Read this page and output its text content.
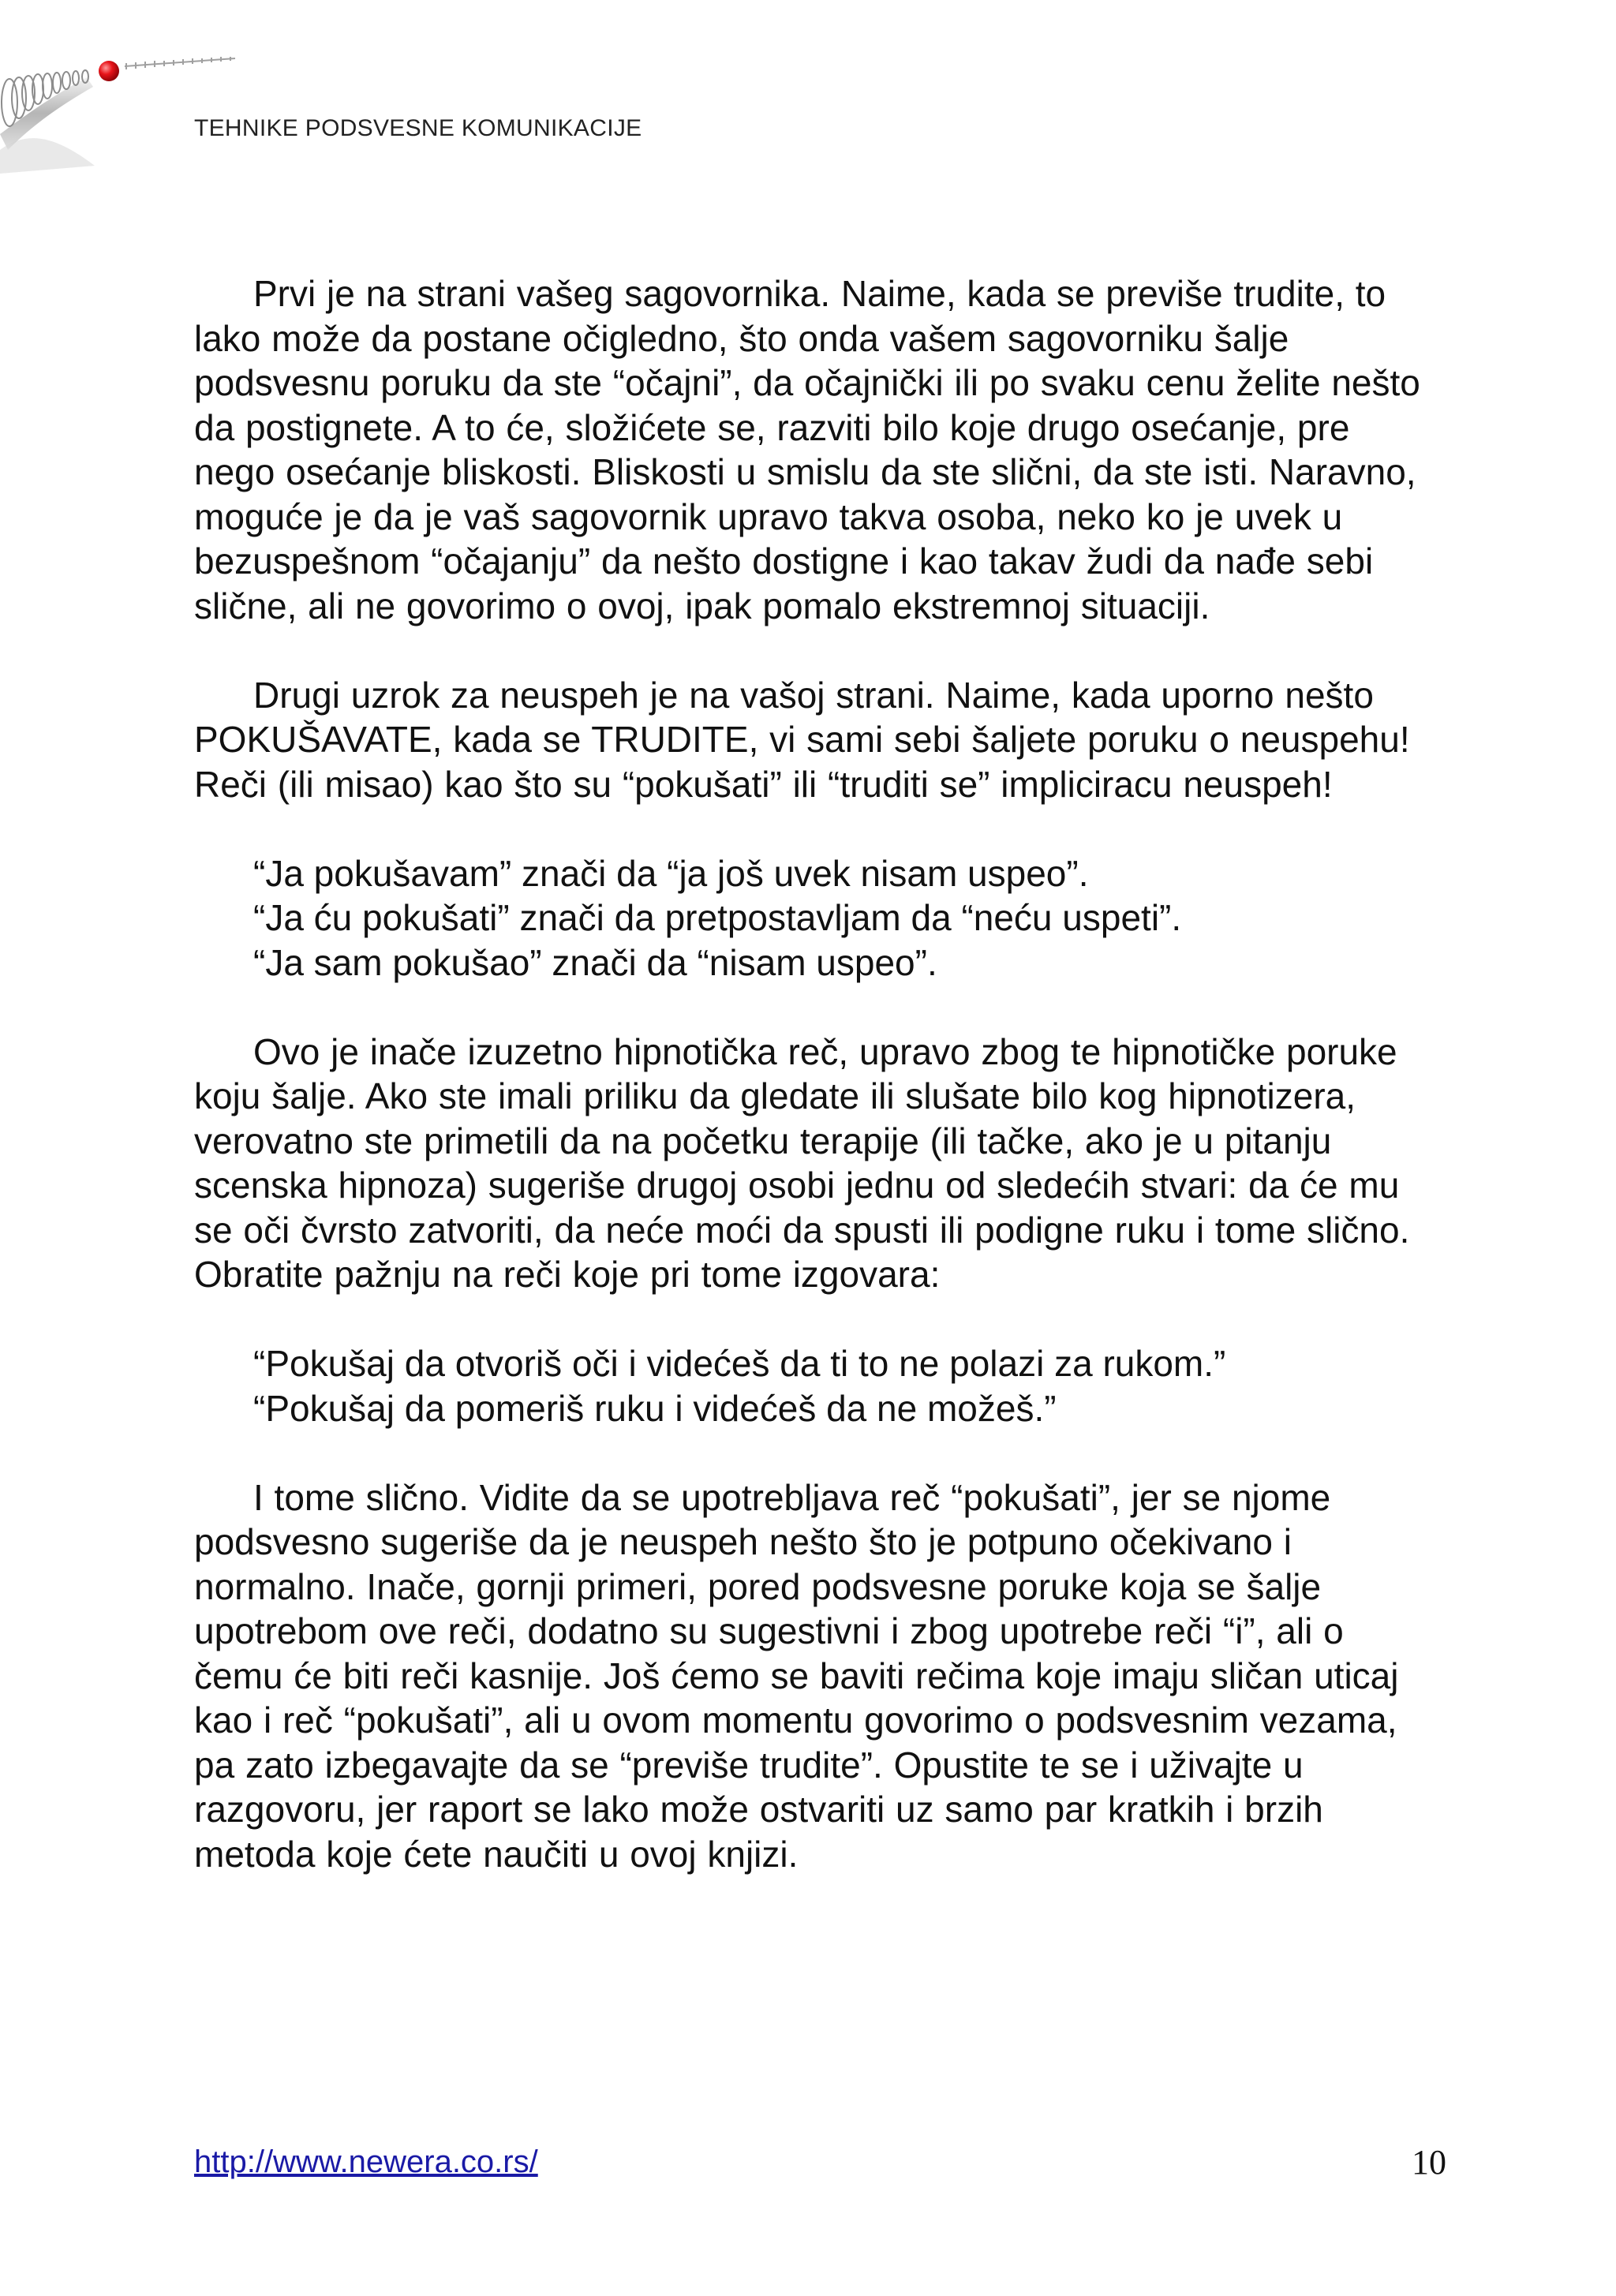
TEHNIKE PODSVESNE KOMUNIKACIJE

Prvi je na strani vašeg sagovornika. Naime, kada se previše trudite, to lako može da postane očigledno, što onda vašem sagovorniku šalje podsvesnu poruku da ste “očajni”, da očajnički ili po svaku cenu želite nešto da postignete. A to će, složićete se, razviti bilo koje drugo osećanje, pre nego osećanje bliskosti. Bliskosti u smislu da ste slični, da ste isti. Naravno, moguće je da je vaš sagovornik upravo takva osoba, neko ko je uvek u bezuspešnom “očajanju” da nešto dostigne i kao takav žudi da nađe sebi slične, ali ne govorimo o ovoj, ipak pomalo ekstremnoj situaciji.

Drugi uzrok za neuspeh je na vašoj strani. Naime, kada uporno nešto POKUŠAVATE, kada se TRUDITE, vi sami sebi šaljete poruku o neuspehu! Reči (ili misao) kao što su “pokušati” ili “truditi se” impliciracu neuspeh!

“Ja pokušavam” znači da “ja još uvek nisam uspeo”.
“Ja ću pokušati” znači da pretpostavljam da “neću uspeti”.
“Ja sam pokušao” znači da “nisam uspeo”.

Ovo je inače izuzetno hipnotička reč, upravo zbog te hipnotičke poruke koju šalje. Ako ste imali priliku da gledate ili slušate bilo kog hipnotizera, verovatno ste primetili da na početku terapije (ili tačke, ako je u pitanju scenska hipnoza) sugeriše drugoj osobi jednu od sledećih stvari: da će mu se oči čvrsto zatvoriti, da neće moći da spusti ili podigne ruku i tome slično. Obratite pažnju na reči koje pri tome izgovara:

“Pokušaj da otvoriš oči i videćeš da ti to ne polazi za rukom.”
“Pokušaj da pomeriš ruku i videćeš da ne možeš.”

I tome slično. Vidite da se upotrebljava reč “pokušati”, jer se njome podsvesno sugeriše da je neuspeh nešto što je potpuno očekivano i normalno. Inače, gornji primeri, pored podsvesne poruke koja se šalje upotrebom ove reči, dodatno su sugestivni i zbog upotrebe reči “i”, ali o čemu će biti reči kasnije. Još ćemo se baviti rečima koje imaju sličan uticaj kao i reč “pokušati”, ali u ovom momentu govorimo o podsvesnim vezama, pa zato izbegavajte da se “previše trudite”. Opustite te se i uživajte u razgovoru, jer raport se lako može ostvariti uz samo par kratkih i brzih metoda koje ćete naučiti u ovoj knjizi.

http://www.newera.co.rs/	10
